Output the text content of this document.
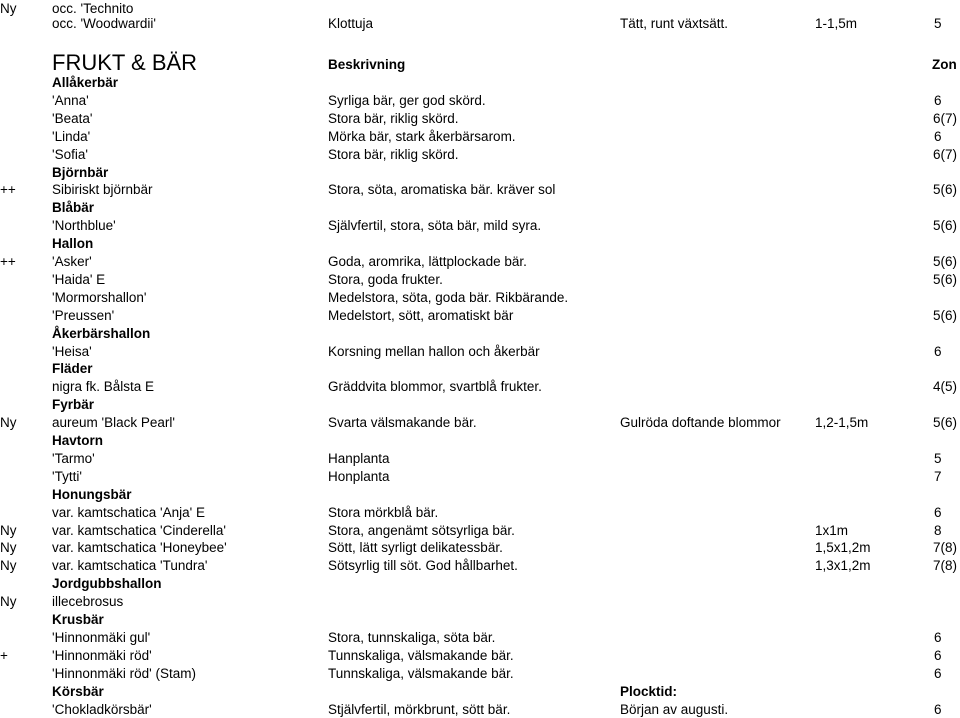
Ny	occ. 'Technito
occ. 'Woodwardii'	Klottuja	Tätt, runt växtsätt.	1-1,5m	5
FRUKT & BÄR	Beskrivning	Zon
Allåkerbär
'Anna'	Syrliga bär, ger god skörd.	6
'Beata'	Stora bär, riklig skörd.	6(7)
'Linda'	Mörka bär, stark åkerbärsarom.	6
'Sofia'	Stora bär, riklig skörd.	6(7)
Björnbär
++	Sibiriskt björnbär	Stora, söta, aromatiska bär. kräver sol	5(6)
Blåbär
'Northblue'	Självfertil, stora, söta bär, mild syra.	5(6)
Hallon
++	'Asker'	Goda, aromrika, lättplockade bär.	5(6)
'Haida' E	Stora, goda frukter.	5(6)
'Mormorshallon'	Medelstora, söta, goda bär. Rikbärande.
'Preussen'	Medelstort, sött, aromatiskt bär	5(6)
Åkerbärshallon
'Heisa'	Korsning mellan hallon och åkerbär	6
Fläder
nigra fk. Bålsta E	Gräddvita blommor, svartblå frukter.	4(5)
Fyrbär
Ny	aureum 'Black Pearl'	Svarta välsmakande bär.	Gulröda doftande blommor	1,2-1,5m	5(6)
Havtorn
'Tarmo'	Hanplanta	5
'Tytti'	Honplanta	7
Honungsbär
var. kamtschatica 'Anja' E	Stora mörkblå bär.	6
Ny	var. kamtschatica 'Cinderella'	Stora, angenämt sötsyrliga bär.	1x1m	8
Ny	var. kamtschatica 'Honeybee'	Sött, lätt syrligt delikatessbär.	1,5x1,2m	7(8)
Ny	var. kamtschatica 'Tundra'	Sötsyrlig till söt. God hållbarhet.	1,3x1,2m	7(8)
Jordgubbshallon
Ny	illecebrosus
Krusbär
'Hinnonmäki gul'	Stora, tunnskaliga, söta bär.	6
+	'Hinnonmäki röd'	Tunnskaliga, välsmakande bär.	6
'Hinnonmäki röd' (Stam)	Tunnskaliga, välsmakande bär.	6
Körsbär	Plocktid:
'Chokladkörsbär'	Stjälvfertil, mörkbrunt, sött bär.	Början av augusti.	6
